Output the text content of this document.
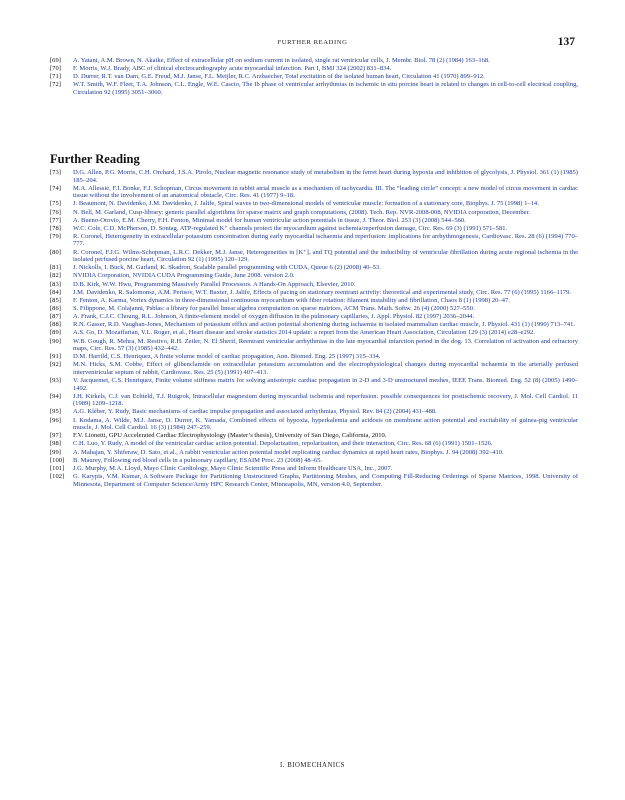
FURTHER READING	137
[69] A. Yatani, A.M. Brown, N. Akaike, Effect of extracellular pH on sodium current in isolated, single rat ventricular cells, J. Membr. Biol. 78 (2) (1984) 163–168.
[70] F. Morris, W.J. Brady, ABC of clinical electrocardiography acute myocardial infarction. Part I, BMJ 324 (2002) 831–834.
[71] D. Durrer, R.T. van Dam, G.E. Freud, M.J. Janse, F.L. Meijler, R.C. Arzbaecher, Total excitation of the isolated human heart, Circulation 41 (1970) 899–912.
[72] W.T. Smith, W.F. Fleet, T.A. Johnson, C.L. Engle, W.E. Cascio, The Ib phase of ventricular arrhythmias in ischemic in situ porcine heart is related to changes in cell-to-cell electrical coupling, Circulation 92 (1995) 3051–3060.
Further Reading
[73] D.G. Allen, P.G. Morris, C.H. Orchard, J.S.A. Pirolo, Nuclear magnetic resonance study of metabolism in the ferret heart during hypoxia and inhibition of glycolysis, J. Physiol. 361 (1) (1985) 185–204.
[74] M.A. Allessie, F.I. Bonke, F.J. Schopman, Circus movement in rabbit atrial muscle as a mechanism of tachycardia. III. The “leading circle” concept: a new model of circus movement in cardiac tissue without the involvement of an anatomical obstacle, Circ. Res. 41 (1977) 9–18.
[75] J. Beaumont, N. Davidenko, J.M. Davidenko, J. Jalife, Spiral waves in two-dimensional models of ventricular muscle: formation of a stationary core, Biophys. J. 75 (1998) 1–14.
[76] N. Bell, M. Garland, Cusp-library: generic parallel algorithms for sparse matrix and graph computations, (2008). Tech. Rep. NVR-2008-008, NVIDIA corporation, December.
[77] A. Bueno-Orovio, E.M. Cherry, F.H. Fenton, Minimal model for human ventricular action potentials in tissue, J. Theor. Biol. 253 (3) (2008) 544–560.
[78] W.C. Cole, C.D. McPherson, D. Sontag, ATP-regulated K⁺ channels protect the myocardium against ischemia/reperfusion damage, Circ. Res. 69 (3) (1991) 571–581.
[79] R. Coronel, Heterogeneity in extracellular potassium concentration during early myocardial ischaemia and reperfusion: implications for arrhythmogenesis, Cardiovasc. Res. 28 (6) (1994) 770–777.
[80] R. Coronel, F.J.G. Wilms-Schopman, L.R.C. Dekker, M.J. Janse, Heterogeneities in [K⁺]ₒ and TQ potential and the inducibility of ventricular fibrillation during acute regional ischemia in the isolated perfused porcine heart, Circulation 92 (1) (1995) 120–129.
[81] J. Nickolls, I. Buck, M. Garland, K. Skadron, Scalable parallel programming with CUDA, Queue 6 (2) (2008) 40–53.
[82] NVIDIA Corporation, NVIDIA CUDA Programming Guide, June 2008. version 2.0.
[83] D.B. Kirk, W.W. Hwu, Programming Massively Parallel Processors. A Hands-On Approach, Elsevier, 2010.
[84] J.M. Davidenko, R. Salomonsz, A.M. Pertsov, W.T. Baxter, J. Jalife, Effects of pacing on stationary reentrant activity: theoretical and experimental study, Circ. Res. 77 (6) (1995) 1166–1179.
[85] F. Fenton, A. Karma, Vortex dynamics in three-dimensional continuous myocardium with fiber rotation: filament instability and fibrillation, Chaos 8 (1) (1998) 20–47.
[86] S. Filippone, M. Colajanni, Psblas: a library for parallel linear algebra computation on sparse matrices, ACM Trans. Math. Softw. 26 (4) (2000) 527–550.
[87] A. Frank, C.J.C. Choung, R.L. Johnson, A finite-element model of oxygen diffusion in the pulmonary capillaries, J. Appl. Physiol. 82 (1997) 2036–2044.
[88] R.N. Gasser, R.D. Vaughan-Jones, Mechanism of potassium efflux and action potential shortening during ischaemia in isolated mammalian cardiac muscle, J. Physiol. 431 (1) (1990) 713–741.
[89] A.S. Go, D. Mozaffarian, V.L. Roger, et al., Heart disease and stroke statistics 2014 update: a report from the American Heart Association, Circulation 129 (3) (2014) e28–e292.
[90] W.B. Gough, R. Mehra, M. Restivo, R.H. Zeiler, N. El Sherif, Reentrant ventricular arrhythmias in the late myocardial infarction period in the dog. 13. Correlation of activation and refractory maps, Circ. Res. 57 (3) (1985) 432–442.
[91] D.M. Harrild, C.S. Henriquez, A finite volume model of cardiac propagation, Ann. Biomed. Eng. 25 (1997) 315–334.
[92] M.N. Hicks, S.M. Cobbe, Effect of glibenclamide on extracellular potassium accumulation and the electrophysiological changes during myocardial ischaemia in the arterially perfused interventricular septum of rabbit, Cardiovasc. Res. 25 (5) (1991) 407–413.
[93] V. Jacquemet, C.S. Henriquez, Finite volume stiffness matrix for solving anisotropic cardiac propagation in 2-D and 3-D unstructured meshes, IEEE Trans. Biomed. Eng. 52 (8) (2005) 1490–1492.
[94] J.H. Kirkels, C.J. van Echteld, T.J. Ruigrok, Intracellular magnesium during myocardial ischemia and reperfusion: possible consequences for postischemic recovery, J. Mol. Cell Cardiol. 11 (1989) 1209–1218.
[95] A.G. Kléber, Y. Rudy, Basic mechanisms of cardiac impulse propagation and associated arrhythmias, Physiol. Rev. 84 (2) (2004) 431–488.
[96] I. Kodama, A. Wilde, M.J. Janse, D. Durrer, K. Yamada, Combined effects of hypoxia, hyperkalemia and acidosis on membrane action potential and excitability of guinea-pig ventricular muscle, J. Mol. Cell Cardiol. 16 (3) (1984) 247–259.
[97] F.V. Lionetti, GPU Accelerated Cardiac Electrophysiology (Master’s thesis), University of San Diego, California, 2010.
[98] C.H. Luo, Y. Rudy, A model of the ventricular cardiac action potential. Depolarization, repolarization, and their interaction, Circ. Res. 68 (6) (1991) 1501–1526.
[99] A. Mahajan, Y. Shiferaw, D. Sato, et al., A rabbit ventricular action potential model replicating cardiac dynamics at rapid heart rates, Biophys. J. 94 (2008) 392–410.
[100] B. Maurey, Following red blood cells in a pulmonary capillary, ESAIM Proc. 23 (2008) 48–65.
[101] J.G. Murphy, M.A. Lloyd, Mayo Clinic Cardiology, Mayo Clinic Scientific Press and Inform Healthcare USA, Inc., 2007.
[102] G. Karypis, V.M. Kumar, A Software Package for Partitioning Unstructured Graphs, Partitioning Meshes, and Computing Fill-Reducing Orderings of Sparse Matrices, 1998. University of Minnesota, Department of Computer Science/Army HPC Research Center, Minneapolis, MN, version 4.0, September.
I. BIOMECHANICS
